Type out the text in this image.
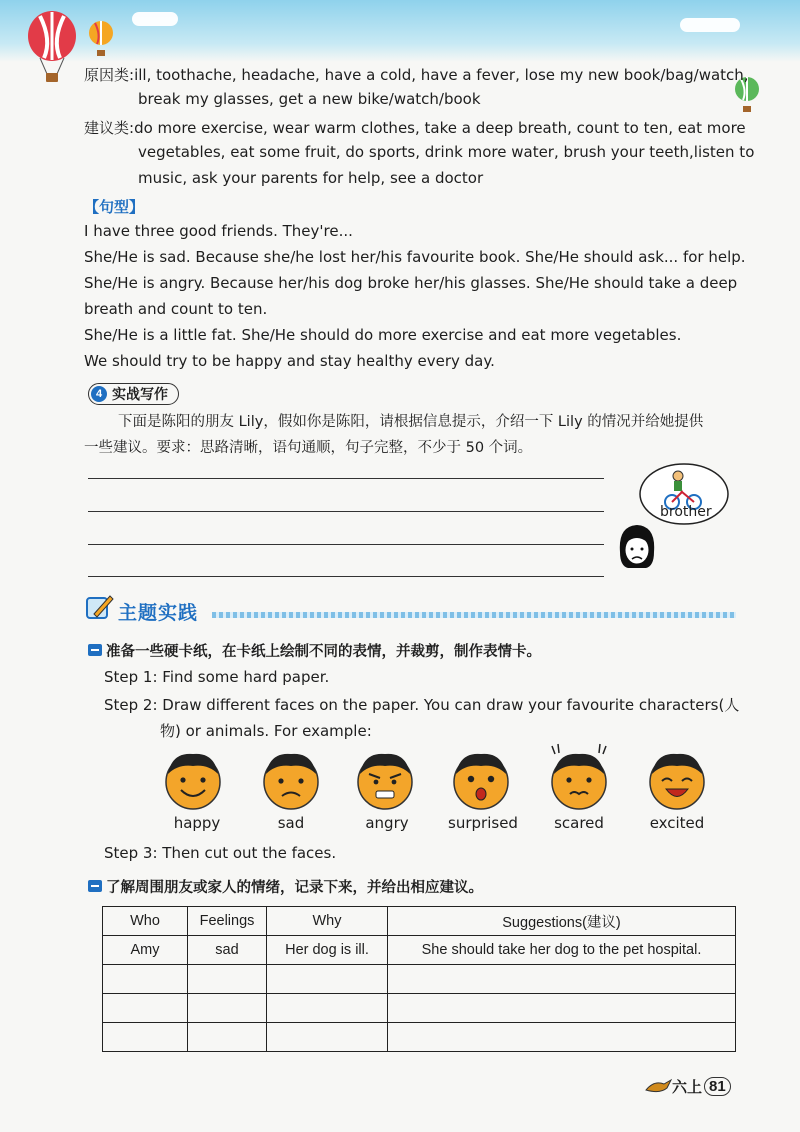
原因类:ill, toothache, headache, have a cold, have a fever, lose my new book/bag/watch,
break my glasses, get a new bike/watch/book
建议类:do more exercise, wear warm clothes, take a deep breath, count to ten, eat more
vegetables, eat some fruit, do sports, drink more water, brush your teeth,listen to
music, ask your parents for help, see a doctor
【句型】
I have three good friends. They're...
She/He is sad. Because she/he lost her/his favourite book. She/He should ask... for help.
She/He is angry. Because her/his dog broke her/his glasses. She/He should take a deep
breath and count to ten.
She/He is a little fat. She/He should do more exercise and eat more vegetables.
We should try to be happy and stay healthy every day.
4 实战写作
下面是陈阳的朋友 Lily，假如你是陈阳，请根据信息提示，介绍一下 Lily 的情况并给她提供
一些建议。要求：思路清晰，语句通顺，句子完整，不少于 50 个词。
brother
主题实践
准备一些硬卡纸，在卡纸上绘制不同的表情，并裁剪，制作表情卡。
Step 1: Find some hard paper.
Step 2: Draw different faces on the paper. You can draw your favourite characters(人
物) or animals. For example:
happy	sad	angry	surprised	scared	excited
Step 3: Then cut out the faces.
了解周围朋友或家人的情绪，记录下来，并给出相应建议。
Who	Feelings	Why	Suggestions(建议)
Amy	sad	Her dog is ill.	She should take her dog to the pet hospital.

六上 81
